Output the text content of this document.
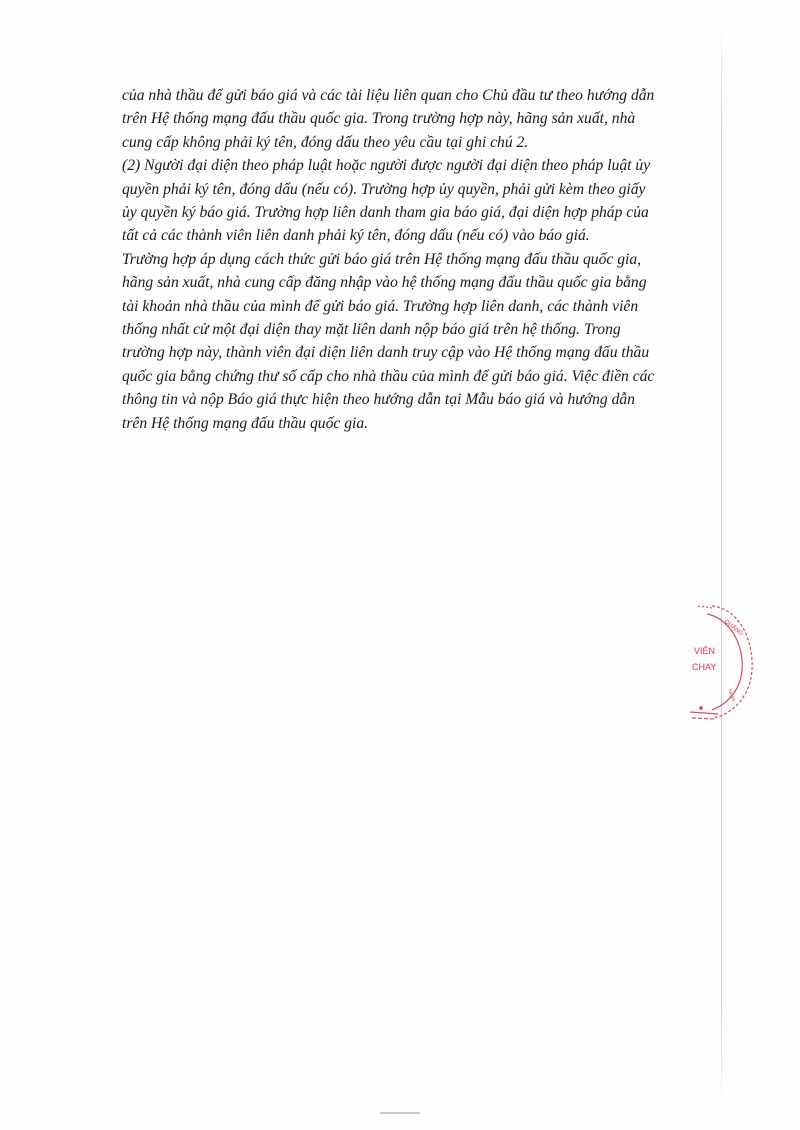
của nhà thầu để gửi báo giá và các tài liệu liên quan cho Chủ đầu tư theo hướng dẫn
trên Hệ thống mạng đấu thầu quốc gia. Trong trường hợp này, hãng sản xuất, nhà
cung cấp không phải ký tên, đóng dấu theo yêu cầu tại ghi chú 2.
(2) Người đại diện theo pháp luật hoặc người được người đại diện theo pháp luật ủy
quyền phải ký tên, đóng dấu (nếu có). Trường hợp ủy quyền, phải gửi kèm theo giấy
ủy quyền ký báo giá. Trường hợp liên danh tham gia báo giá, đại diện hợp pháp của
tất cả các thành viên liên danh phải ký tên, đóng dấu (nếu có) vào báo giá.
Trường hợp áp dụng cách thức gửi báo giá trên Hệ thống mạng đấu thầu quốc gia,
hãng sản xuất, nhà cung cấp đăng nhập vào hệ thống mạng đấu thầu quốc gia bằng
tài khoản nhà thầu của mình để gửi báo giá. Trường hợp liên danh, các thành viên
thống nhất cử một đại diện thay mặt liên danh nộp báo giá trên hệ thống. Trong
trường hợp này, thành viên đại diện liên danh truy cập vào Hệ thống mạng đấu thầu
quốc gia bằng chứng thư số cấp cho nhà thầu của mình để gửi báo giá. Việc điền các
thông tin và nộp Báo giá thực hiện theo hướng dẫn tại Mẫu báo giá và hướng dẫn
trên Hệ thống mạng đấu thầu quốc gia.
QUẢNG
VIÊN
CHAY
NINH
